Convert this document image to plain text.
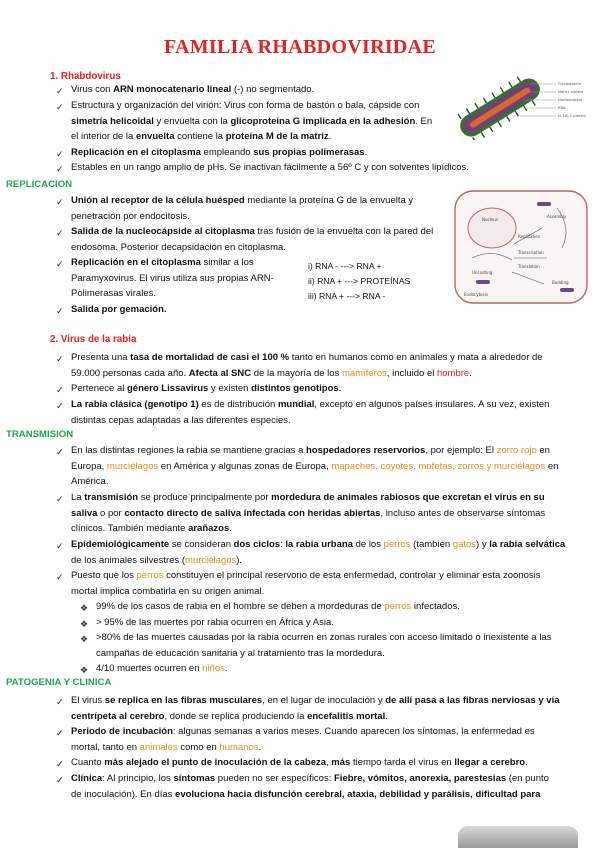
FAMILIA RHABDOVIRIDAE
1. Rhabdovirus
✓ Virus con ARN monocatenario lineal (-) no segmentado.
✓ Estructura y organización del virión: Virus con forma de bastón o bala, cápside con
simetría helicoidal y envuelta con la glicoproteína G implicada en la adhesión. En
el interior de la envuelta contiene la proteína M de la matriz.
✓ Replicación en el citoplasma empleando sus propias polimerasas.
✓ Estables en un rango amplio de pHs. Se inactivan fácilmente a 56º C y con solventes lipídicos.
Glycoprotein
Matrix protein
Nucleocapsid
RNA
N, NS, L protein
REPLICACION
✓ Unión al receptor de la célula huésped mediante la proteína G de la envuelta y
penetración por endocitosis.
✓ Salida de la nucleocápside al citoplasma tras fusión de la envuelta con la pared del
endosoma. Posterior decapsidación en citoplasma.
✓ Replicación en el citoplasma similar a los
Paramyxovirus. El virus utiliza sus propias ARN-
Polimerasas virales.
✓ Salida por gemación.
i) RNA - ---> RNA +
ii) RNA + ---> PROTEÍNAS
iii) RNA + ---> RNA -
Nucleus
Replication
Transcription
Translation
Assembly
Budding
Uncoating
Endocytosis
2. Virus de la rabia
✓ Presenta una tasa de mortalidad de casi el 100 % tanto en humanos como en animales y mata a alrededor de
59.000 personas cada año. Afecta al SNC de la mayoría de los mamíferos, incluido el hombre.
✓ Pertenece al género Lissavirus y existen distintos genotipos.
✓ La rabia clásica (genotipo 1) es de distribución mundial, excepto en algunos países insulares. A su vez, existen
distintas cepas adaptadas a las diferentes especies.
TRANSMISION
✓ En las distintas regiones la rabia se mantiene gracias a hospedadores reservorios, por ejemplo: El zorro rojo en
Europa, murciélagos en América y algunas zonas de Europa, mapaches, coyotes, mofetas, zorros y murciélagos en
América.
✓ La transmisión se produce principalmente por mordedura de animales rabiosos que excretan el virus en su
saliva o por contacto directo de saliva infectada con heridas abiertas, incluso antes de observarse síntomas
clínicos. También mediante arañazos.
✓ Epidemiológicamente se consideran dos ciclos: la rabia urbana de los perros (también gatos) y la rabia selvática
de los animales silvestres (murciélagos).
✓ Puesto que los perros constituyen el principal reservorio de esta enfermedad, controlar y eliminar esta zoonosis
mortal implica combatirla en su origen animal.
❖ 99% de los casos de rabia en el hombre se deben a mordeduras de perros infectados.
❖ > 95% de las muertes por rabia ocurren en África y Asia.
❖ >80% de las muertes causadas por la rabia ocurren en zonas rurales con acceso limitado o inexistente a las
campañas de educación sanitaria y al tratamiento tras la mordedura.
❖ 4/10 muertes ocurren en niños.
PATOGENIA Y CLINICA
✓ El virus se replica en las fibras musculares, en el lugar de inoculación y de allí pasa a las fibras nerviosas y vía
centrípeta al cerebro, donde se replica produciendo la encefalitis mortal.
✓ Periodo de incubación: algunas semanas a varios meses. Cuando aparecen los síntomas, la enfermedad es
mortal, tanto en animales como en humanos.
✓ Cuanto más alejado el punto de inoculación de la cabeza, más tiempo tarda el virus en llegar a cerebro.
✓ Clínica: Al principio, los síntomas pueden no ser específicos: Fiebre, vómitos, anorexia, parestesias (en punto
de inoculación). En días evoluciona hacia disfunción cerebral, ataxia, debilidad y parálisis, dificultad para
